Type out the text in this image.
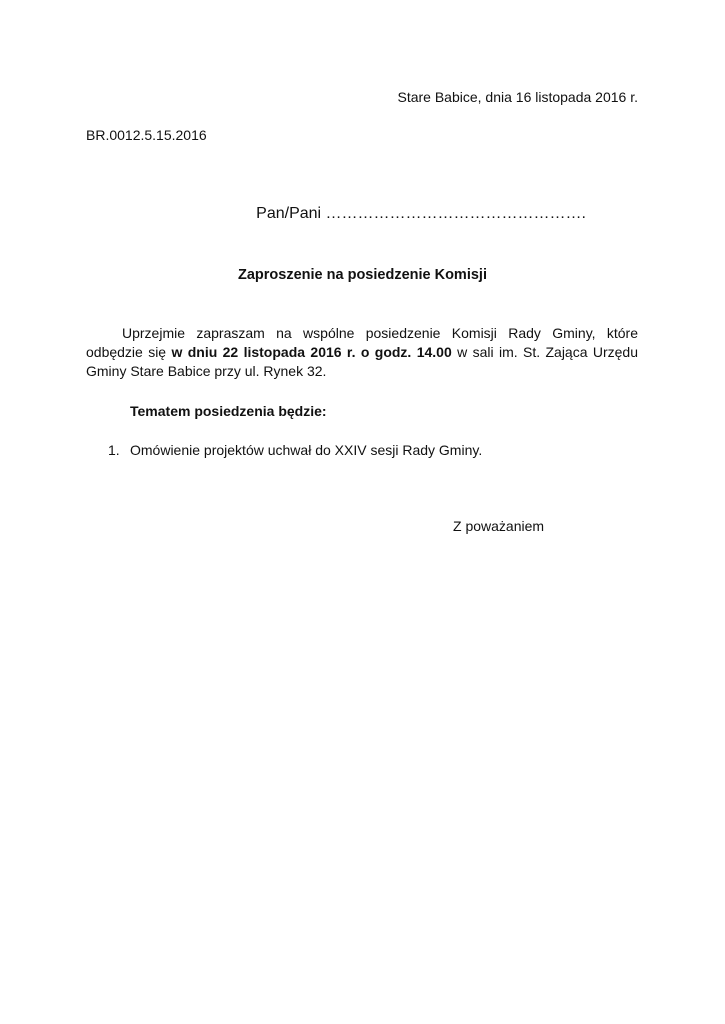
Stare Babice, dnia 16 listopada 2016 r.
BR.0012.5.15.2016
Pan/Pani ………………………………………….
Zaproszenie na posiedzenie Komisji

Uprzejmie zapraszam na wspólne posiedzenie Komisji Rady Gminy, które odbędzie się w dniu 22 listopada 2016 r. o godz. 14.00 w sali im. St. Zająca Urzędu Gminy Stare Babice przy ul. Rynek 32.

Tematem posiedzenia będzie:
1. Omówienie projektów uchwał do XXIV sesji Rady Gminy.
Z poważaniem
